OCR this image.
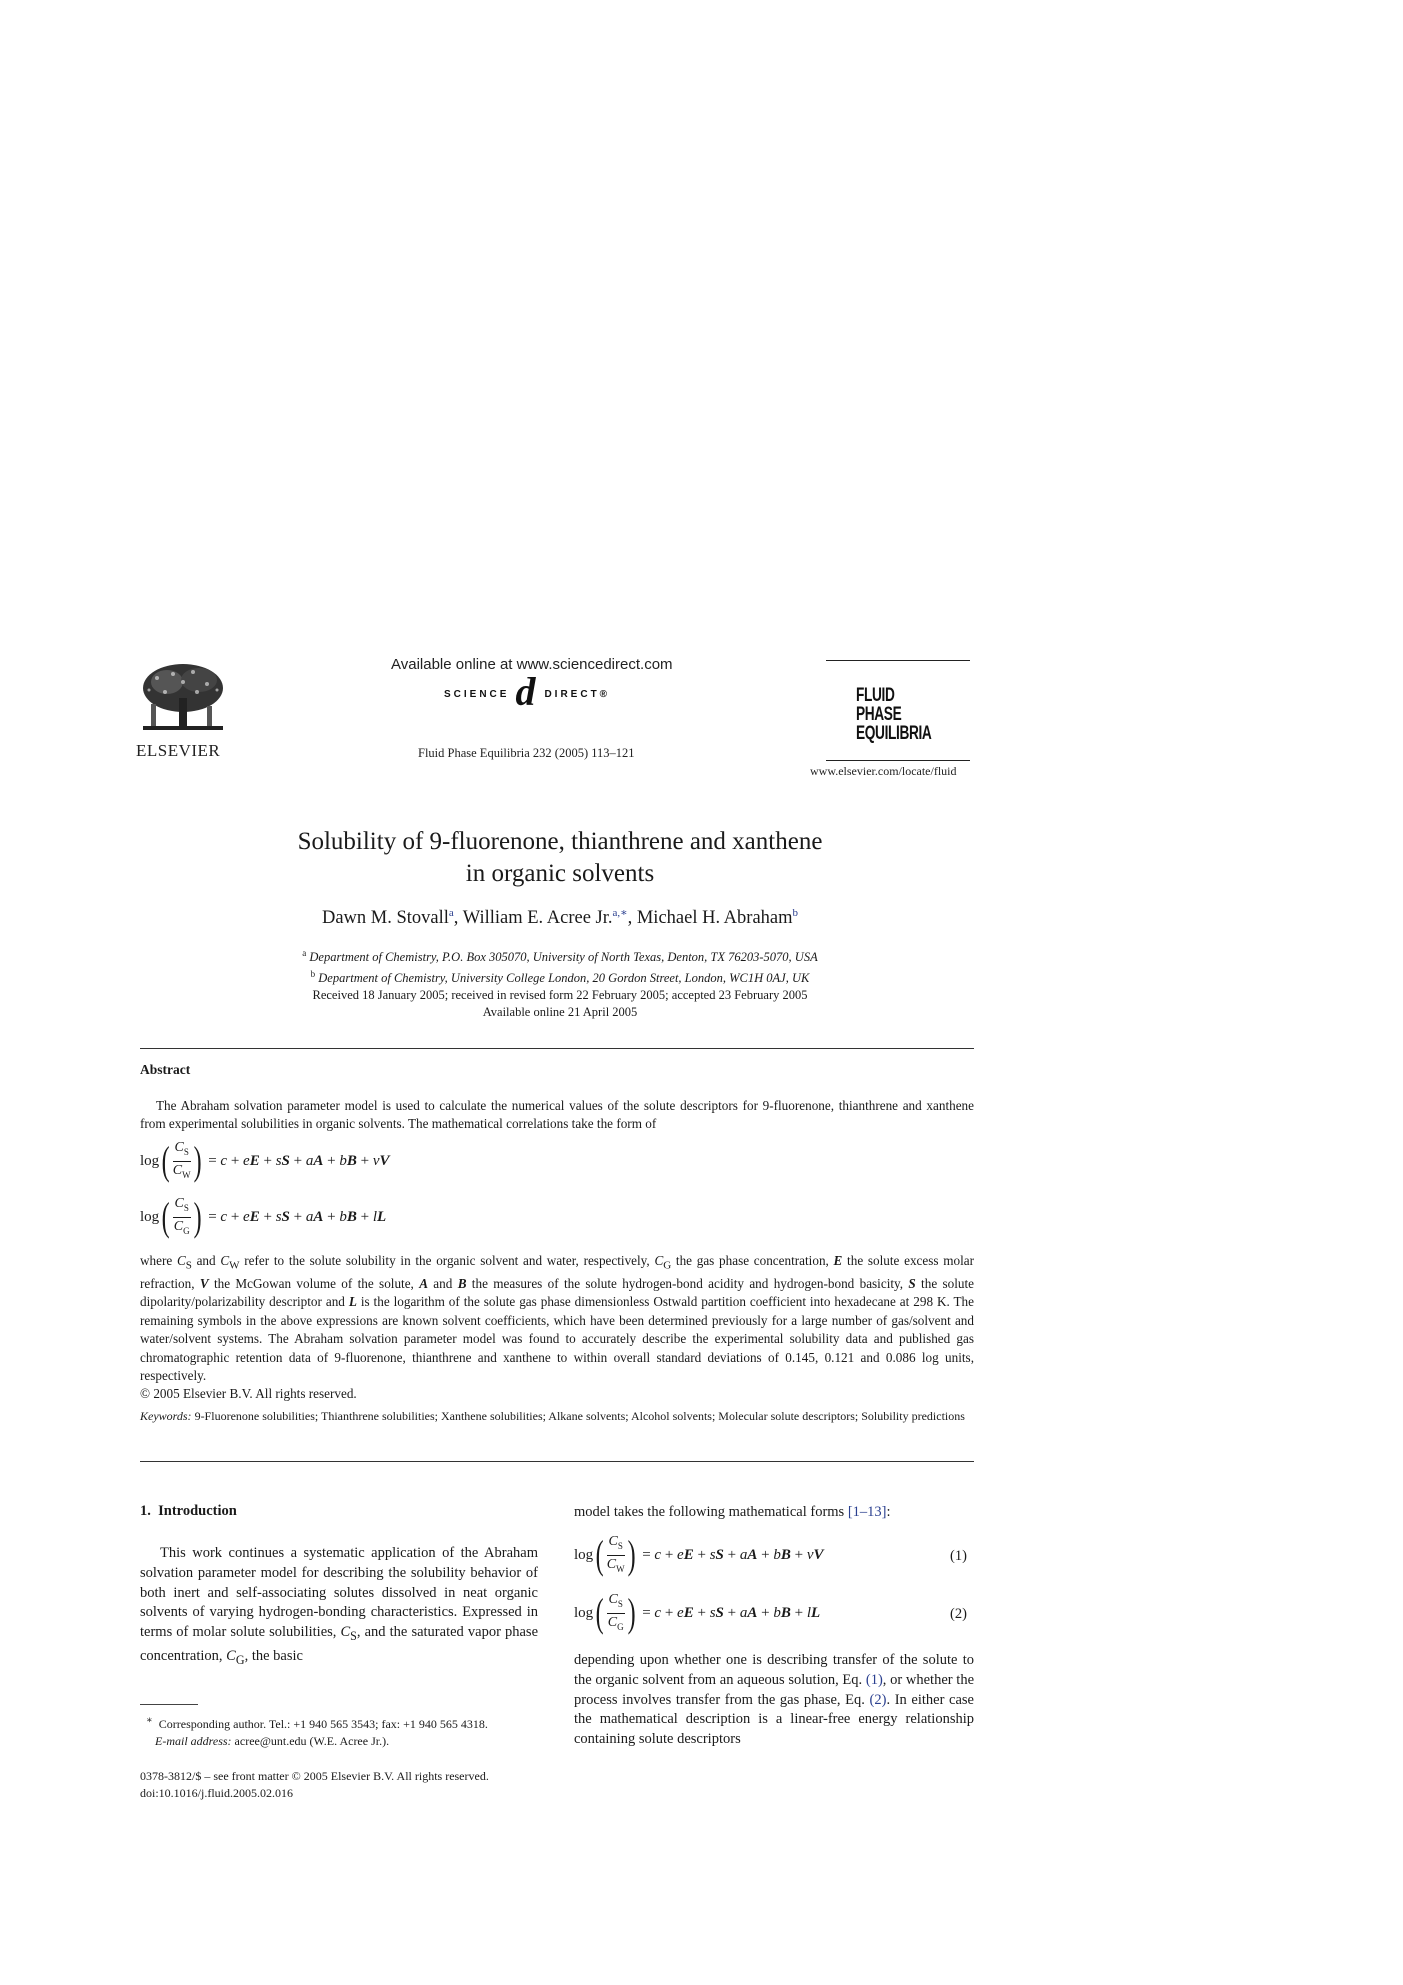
ELSEVIER
Available online at www.sciencedirect.com
SCIENCE d DIRECT®
Fluid Phase Equilibria 232 (2005) 113–121
FLUID PHASE
EQUILIBRIA
www.elsevier.com/locate/fluid
Solubility of 9-fluorenone, thianthrene and xanthene
in organic solvents
Dawn M. Stovall$^a$, William E. Acree Jr.$^{a,∗}$, Michael H. Abraham$^b$
$^a$ Department of Chemistry, P.O. Box 305070, University of North Texas, Denton, TX 76203-5070, USA
$^b$ Department of Chemistry, University College London, 20 Gordon Street, London, WC1H 0AJ, UK
Received 18 January 2005; received in revised form 22 February 2005; accepted 23 February 2005
Available online 21 April 2005
Abstract
The Abraham solvation parameter model is used to calculate the numerical values of the solute descriptors for 9-fluorenone, thianthrene and xanthene from experimental solubilities in organic solvents. The mathematical correlations take the form of
log ( $\frac{C_S}{C_W}$ ) = c + eE + sS + aA + bB + vV
log ( $\frac{C_S}{C_G}$ ) = c + eE + sS + aA + bB + lL
where $C_S$ and $C_W$ refer to the solute solubility in the organic solvent and water, respectively, $C_G$ the gas phase concentration, E the solute excess molar refraction, V the McGowan volume of the solute, A and B the measures of the solute hydrogen-bond acidity and hydrogen-bond basicity, S the solute dipolarity/polarizability descriptor and L is the logarithm of the solute gas phase dimensionless Ostwald partition coefficient into hexadecane at 298 K. The remaining symbols in the above expressions are known solvent coefficients, which have been determined previously for a large number of gas/solvent and water/solvent systems. The Abraham solvation parameter model was found to accurately describe the experimental solubility data and published gas chromatographic retention data of 9-fluorenone, thianthrene and xanthene to within overall standard deviations of 0.145, 0.121 and 0.086 log units, respectively.
© 2005 Elsevier B.V. All rights reserved.
Keywords: 9-Fluorenone solubilities; Thianthrene solubilities; Xanthene solubilities; Alkane solvents; Alcohol solvents; Molecular solute descriptors; Solubility predictions
1.  Introduction
This work continues a systematic application of the Abraham solvation parameter model for describing the solubility behavior of both inert and self-associating solutes dissolved in neat organic solvents of varying hydrogen-bonding characteristics. Expressed in terms of molar solute solubilities, $C_S$, and the saturated vapor phase concentration, $C_G$, the basic
∗ Corresponding author. Tel.: +1 940 565 3543; fax: +1 940 565 4318.
E-mail address: acree@unt.edu (W.E. Acree Jr.).
0378-3812/$ – see front matter © 2005 Elsevier B.V. All rights reserved.
doi:10.1016/j.fluid.2005.02.016
model takes the following mathematical forms [1–13]:
log ( $\frac{C_S}{C_W}$ ) = c + eE + sS + aA + bB + vV	(1)
log ( $\frac{C_S}{C_G}$ ) = c + eE + sS + aA + bB + lL	(2)
depending upon whether one is describing transfer of the solute to the organic solvent from an aqueous solution, Eq. (1), or whether the process involves transfer from the gas phase, Eq. (2). In either case the mathematical description is a linear-free energy relationship containing solute descriptors
